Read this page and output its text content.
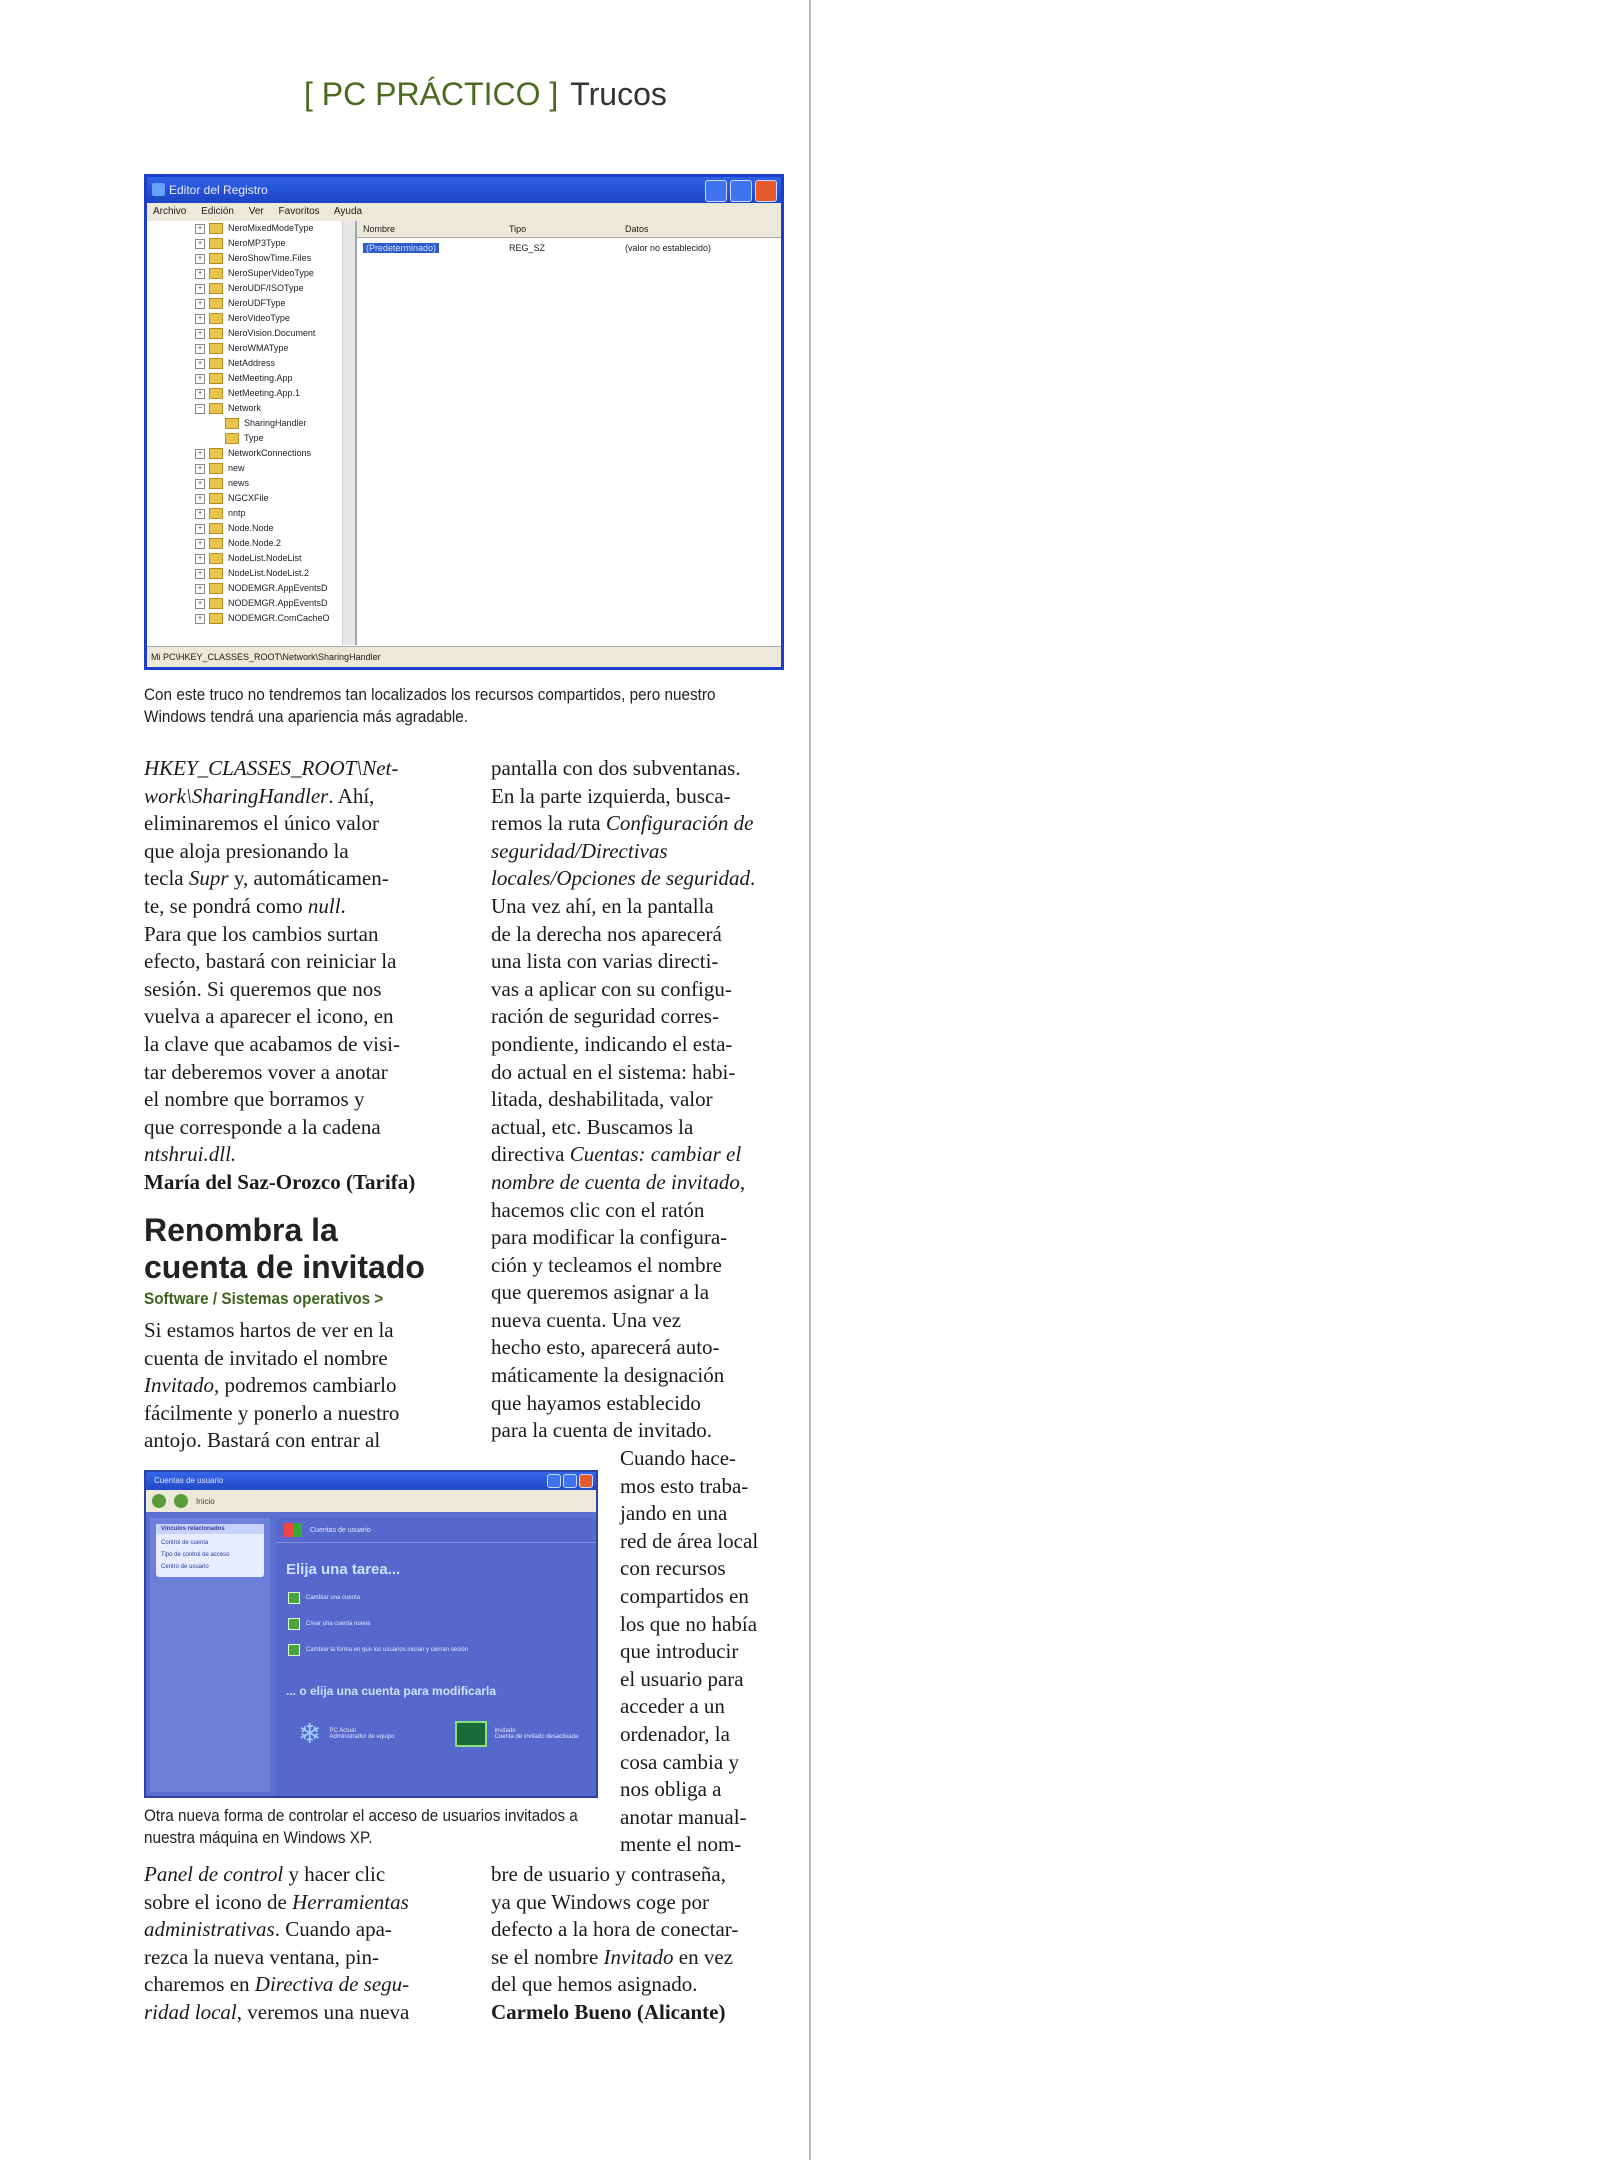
[ PC PRÁCTICO ] Trucos
Editor del Registro
Archivo Edición Ver Favoritos Ayuda
+	NeroMixedModeType
+	NeroMP3Type
+	NeroShowTime.Files
+	NeroSuperVideoType
+	NeroUDF/ISOType
+	NeroUDFType
+	NeroVideoType
+	NeroVision.Document
+	NeroWMAType
+	NetAddress
+	NetMeeting.App
+	NetMeeting.App.1
−	Network
SharingHandler
Type
+	NetworkConnections
+	new
+	news
+	NGCXFile
+	nntp
+	Node.Node
+	Node.Node.2
+	NodeList.NodeList
+	NodeList.NodeList.2
+	NODEMGR.AppEventsD
+	NODEMGR.AppEventsD
+	NODEMGR.ComCacheO
Nombre	Tipo	Datos
(Predeterminado)	REG_SZ	(valor no establecido)
Mi PC\HKEY_CLASSES_ROOT\Network\SharingHandler
Con este truco no tendremos tan localizados los recursos compartidos, pero nuestro Windows tendrá una apariencia más agradable.

HKEY_CLASSES_ROOT\Net-

work\SharingHandler. Ahí,

eliminaremos el único valor

que aloja presionando la

tecla Supr y, automáticamen-

te, se pondrá como null.

Para que los cambios surtan

efecto, bastará con reiniciar la

sesión. Si queremos que nos

vuelva a aparecer el icono, en

la clave que acabamos de visi-

tar deberemos vover a anotar

el nombre que borramos y

que corresponde a la cadena

ntshrui.dll.

María del Saz-Orozco (Tarifa)

Renombra la
cuenta de invitado
Software / Sistemas operativos >

Si estamos hartos de ver en la

cuenta de invitado el nombre

Invitado, podremos cambiarlo

fácilmente y ponerlo a nuestro

antojo. Bastará con entrar al

Cuentas de usuario
Inicio
Vínculos relacionados
Control de cuenta
Tipo de control de acceso
Centro de usuario
Cuentas de usuario
Elija una tarea...
Cambiar una cuenta
Crear una cuenta nueva
Cambiar la forma en que los usuarios inician y cierran sesión
... o elija una cuenta para modificarla
❄ PC Actual
Administrador de equipo
Invitado
Cuenta de invitado desactivada
Otra nueva forma de controlar el acceso de usuarios invitados a nuestra máquina en Windows XP.

Panel de control y hacer clic

sobre el icono de Herramientas

administrativas. Cuando apa-

rezca la nueva ventana, pin-

charemos en Directiva de segu-

ridad local, veremos una nueva

pantalla con dos subventanas.

En la parte izquierda, busca-

remos la ruta Configuración de

seguridad/Directivas

locales/Opciones de seguridad.

Una vez ahí, en la pantalla

de la derecha nos aparecerá

una lista con varias directi-

vas a aplicar con su configu-

ración de seguridad corres-

pondiente, indicando el esta-

do actual en el sistema: habi-

litada, deshabilitada, valor

actual, etc. Buscamos la

directiva Cuentas: cambiar el

nombre de cuenta de invitado,

hacemos clic con el ratón

para modificar la configura-

ción y tecleamos el nombre

que queremos asignar a la

nueva cuenta. Una vez

hecho esto, aparecerá auto-

máticamente la designación

que hayamos establecido

para la cuenta de invitado.

Cuando hace-

mos esto traba-

jando en una

red de área local

con recursos

compartidos en

los que no había

que introducir

el usuario para

acceder a un

ordenador, la

cosa cambia y

nos obliga a

anotar manual-

mente el nom-

bre de usuario y contraseña,

ya que Windows coge por

defecto a la hora de conectar-

se el nombre Invitado en vez

del que hemos asignado.

Carmelo Bueno (Alicante)
